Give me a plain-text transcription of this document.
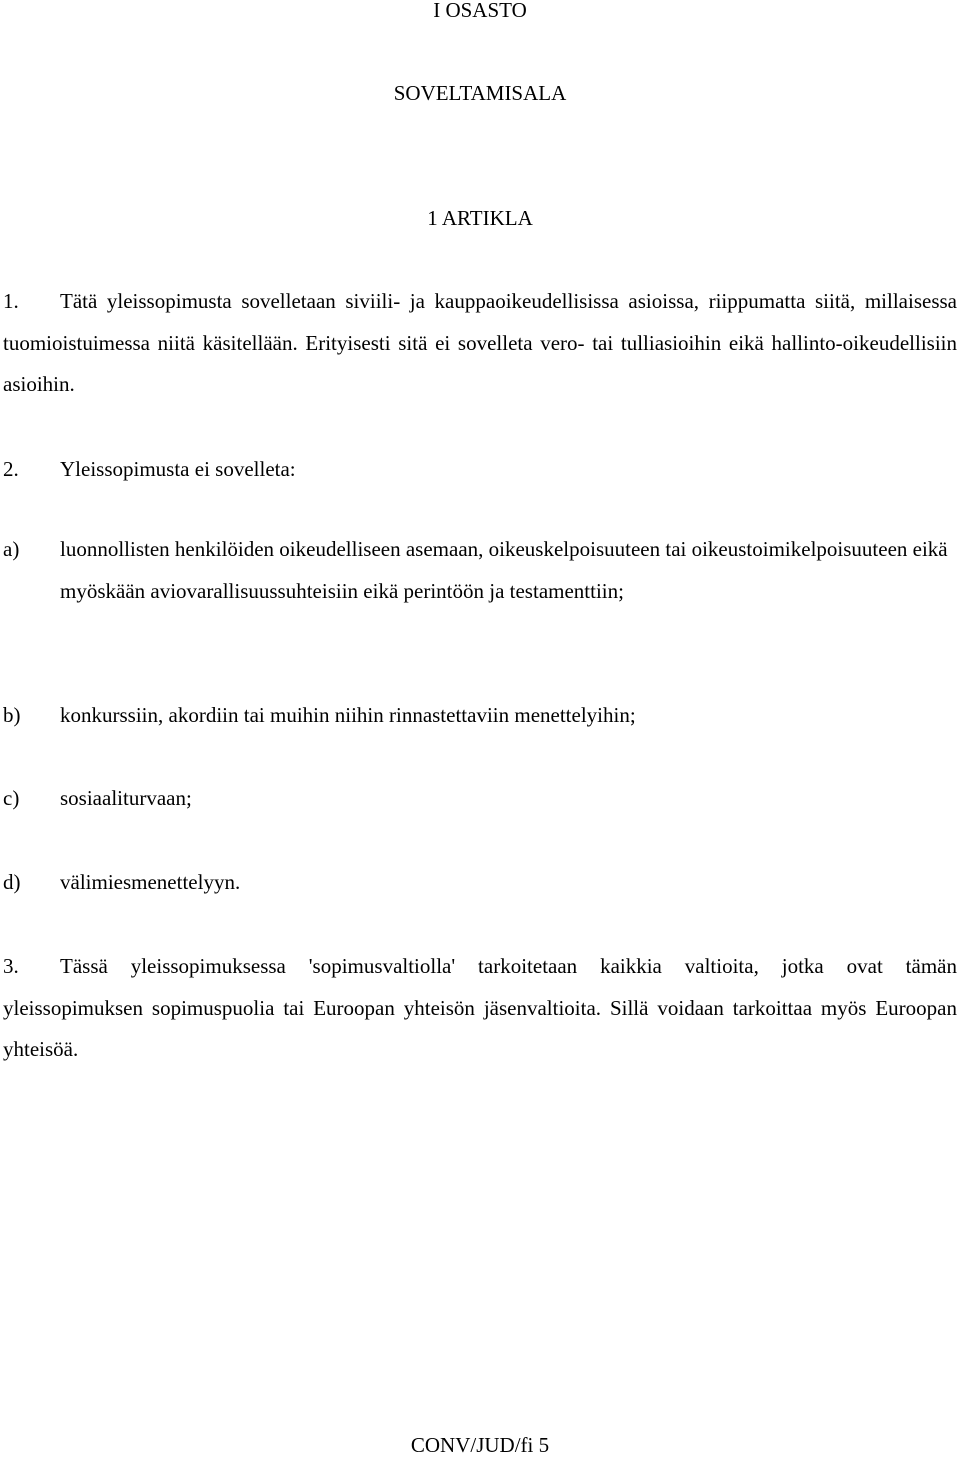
I OSASTO
SOVELTAMISALA
1 ARTIKLA
1. Tätä yleissopimusta sovelletaan siviili- ja kauppaoikeudellisissa asioissa, riippumatta siitä, millaisessa tuomioistuimessa niitä käsitellään. Erityisesti sitä ei sovelleta vero- tai tulliasioihin eikä hallinto-oikeudellisiin asioihin.
2. Yleissopimusta ei sovelleta:
a) luonnollisten henkilöiden oikeudelliseen asemaan, oikeuskelpoisuuteen tai oikeustoimikelpoisuuteen eikä myöskään aviovarallisuussuhteisiin eikä perintöön ja testamenttiin;
b) konkurssiin, akordiin tai muihin niihin rinnastettaviin menettelyihin;
c) sosiaaliturvaan;
d) välimiesmenettelyyn.
3. Tässä yleissopimuksessa 'sopimusvaltiolla' tarkoitetaan kaikkia valtioita, jotka ovat tämän yleissopimuksen sopimuspuolia tai Euroopan yhteisön jäsenvaltioita. Sillä voidaan tarkoittaa myös Euroopan yhteisöä.
CONV/JUD/fi 5
